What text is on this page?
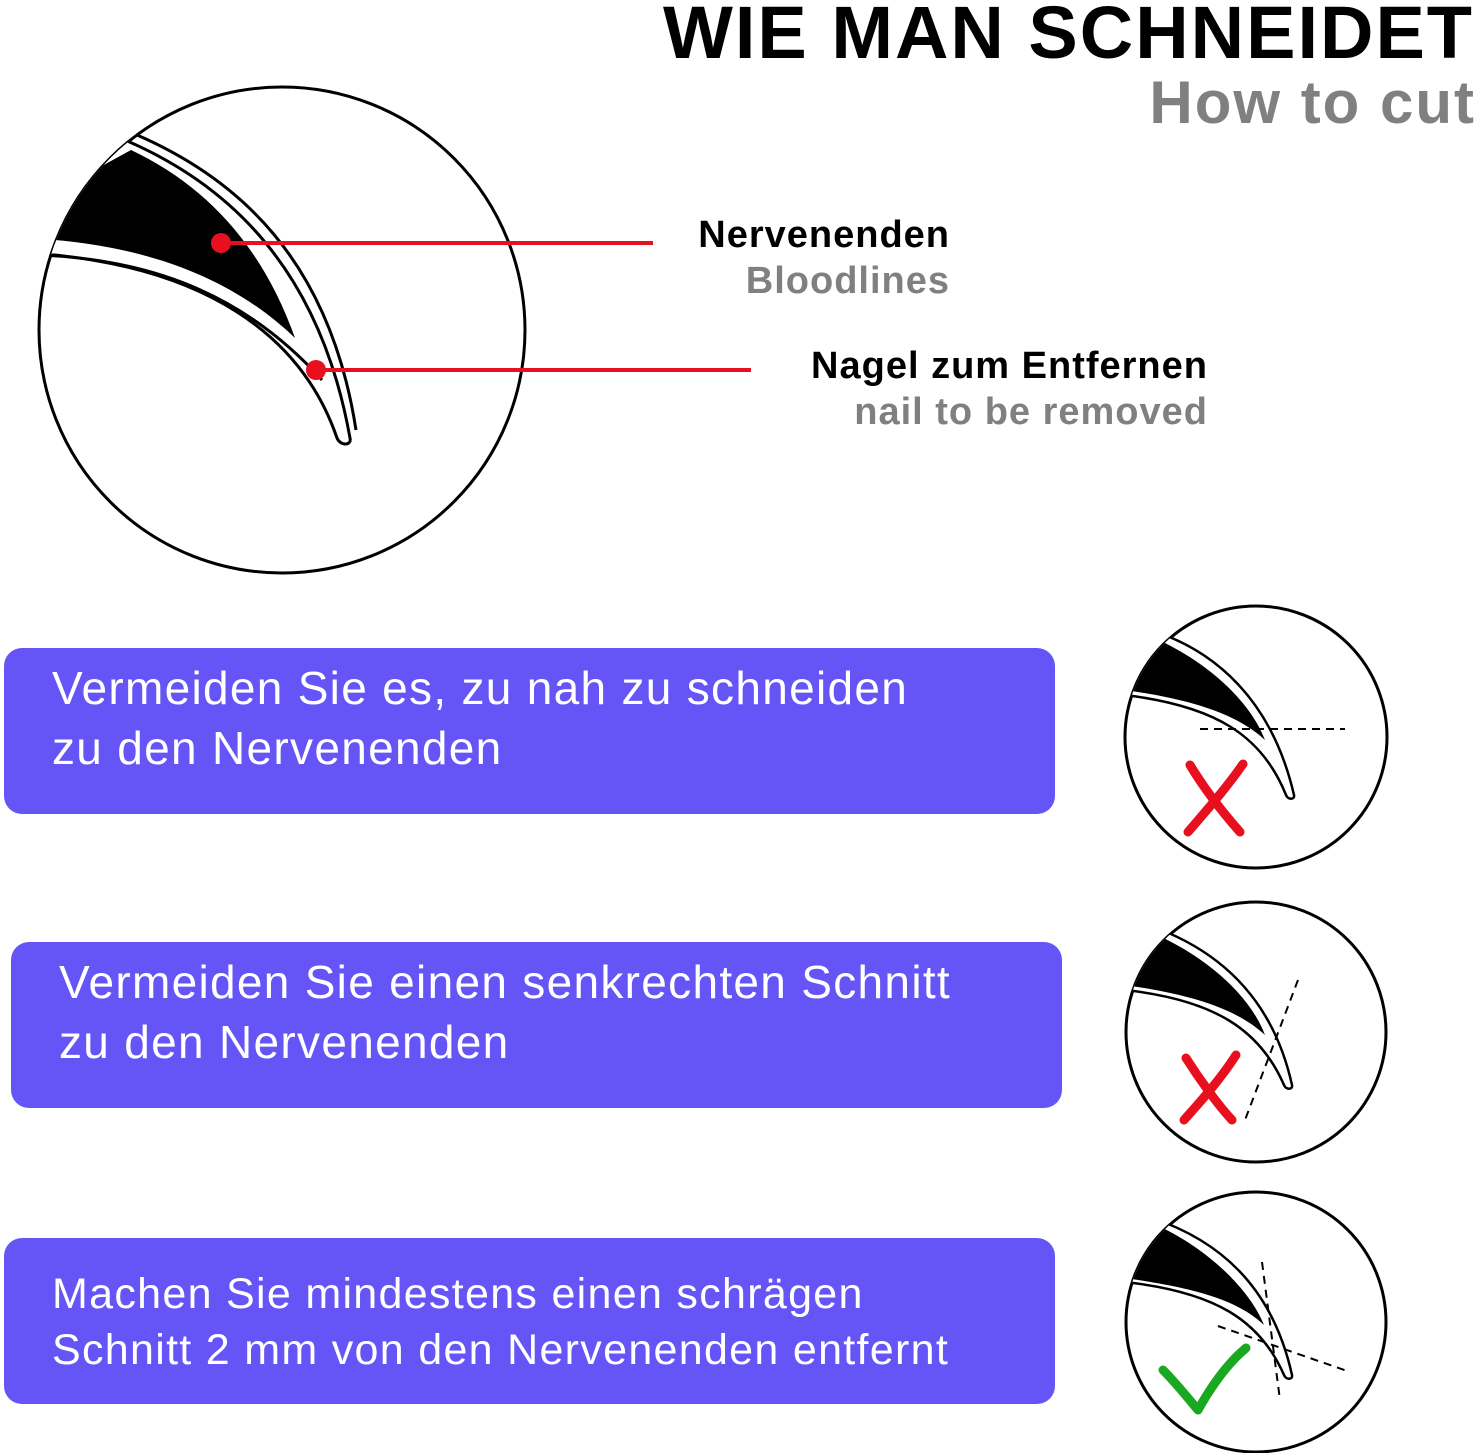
WIE MAN SCHNEIDET
How to cut
Nervenenden
Bloodlines
Nagel zum Entfernen
nail to be removed
Vermeiden Sie es, zu nah zu schneiden
zu den Nervenenden
Vermeiden Sie einen senkrechten Schnitt
zu den Nervenenden
Machen Sie mindestens einen schrägen
Schnitt 2 mm von den Nervenenden entfernt
